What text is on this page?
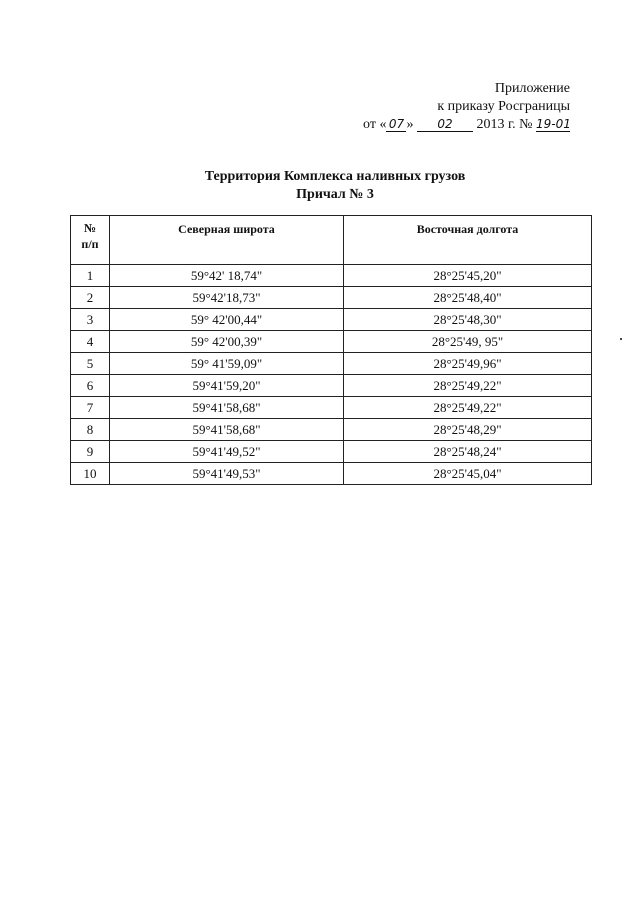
Приложение
к приказу Росграницы
от « 07 » 02 2013 г. № 19-01
Территория Комплекса наливных грузов
Причал № 3
№
п/п	Северная широта	Восточная долгота
1	59°42' 18,74"	28°25'45,20"
2	59°42'18,73"	28°25'48,40"
3	59° 42'00,44"	28°25'48,30"
4	59° 42'00,39"	28°25'49, 95"
5	59° 41'59,09"	28°25'49,96"
6	59°41'59,20"	28°25'49,22"
7	59°41'58,68"	28°25'49,22"
8	59°41'58,68"	28°25'48,29"
9	59°41'49,52"	28°25'48,24"
10	59°41'49,53"	28°25'45,04"
